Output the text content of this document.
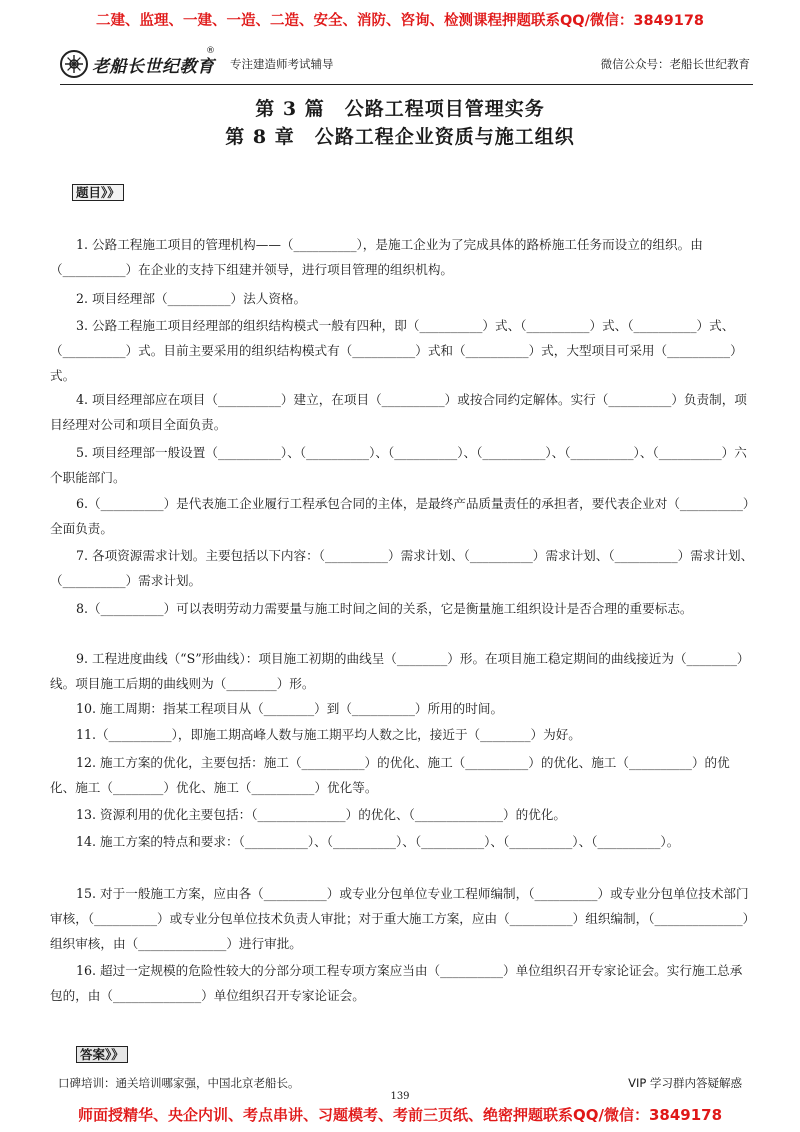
二建、监理、一建、一造、二造、安全、消防、咨询、检测课程押题联系QQ/微信：3849178
老船长世纪教育
®
专注建造师考试辅导	微信公众号：老船长世纪教育
第 3 篇　公路工程项目管理实务
第 8 章　公路工程企业资质与施工组织
题目》》

1. 公路工程施工项目的管理机构——（__________），是施工企业为了完成具体的路桥施工任务而设立的组织。由（__________）在企业的支持下组建并领导，进行项目管理的组织机构。

2. 项目经理部（__________）法人资格。

3. 公路工程施工项目经理部的组织结构模式一般有四种，即（__________）式、（__________）式、（__________）式、（__________）式。目前主要采用的组织结构模式有（__________）式和（__________）式，大型项目可采用（__________）式。

4. 项目经理部应在项目（__________）建立，在项目（__________）或按合同约定解体。实行（__________）负责制，项目经理对公司和项目全面负责。

5. 项目经理部一般设置（__________）、（__________）、（__________）、（__________）、（__________）、（__________）六个职能部门。

6.（__________）是代表施工企业履行工程承包合同的主体，是最终产品质量责任的承担者，要代表企业对（__________）全面负责。

7. 各项资源需求计划。主要包括以下内容：（__________）需求计划、（__________）需求计划、（__________）需求计划、（__________）需求计划。

8.（__________）可以表明劳动力需要量与施工时间之间的关系，它是衡量施工组织设计是否合理的重要标志。

9. 工程进度曲线（“S”形曲线）：项目施工初期的曲线呈（________）形。在项目施工稳定期间的曲线接近为（________）线。项目施工后期的曲线则为（________）形。

10. 施工周期：指某工程项目从（________）到（__________）所用的时间。

11.（__________），即施工期高峰人数与施工期平均人数之比，接近于（________）为好。

12. 施工方案的优化，主要包括：施工（__________）的优化、施工（__________）的优化、施工（__________）的优化、施工（________）优化、施工（__________）优化等。

13. 资源利用的优化主要包括：（______________）的优化、（______________）的优化。

14. 施工方案的特点和要求：（__________）、（__________）、（__________）、（__________）、（__________）。

15. 对于一般施工方案，应由各（__________）或专业分包单位专业工程师编制，（__________）或专业分包单位技术部门审核，（__________）或专业分包单位技术负责人审批；对于重大施工方案，应由（__________）组织编制，（______________）组织审核，由（______________）进行审批。

16. 超过一定规模的危险性较大的分部分项工程专项方案应当由（__________）单位组织召开专家论证会。实行施工总承包的，由（______________）单位组织召开专家论证会。

答案》》
口碑培训：通关培训哪家强，中国北京老船长。	VIP 学习群内答疑解惑
139
师面授精华、央企内训、考点串讲、习题模考、考前三页纸、绝密押题联系QQ/微信：3849178
